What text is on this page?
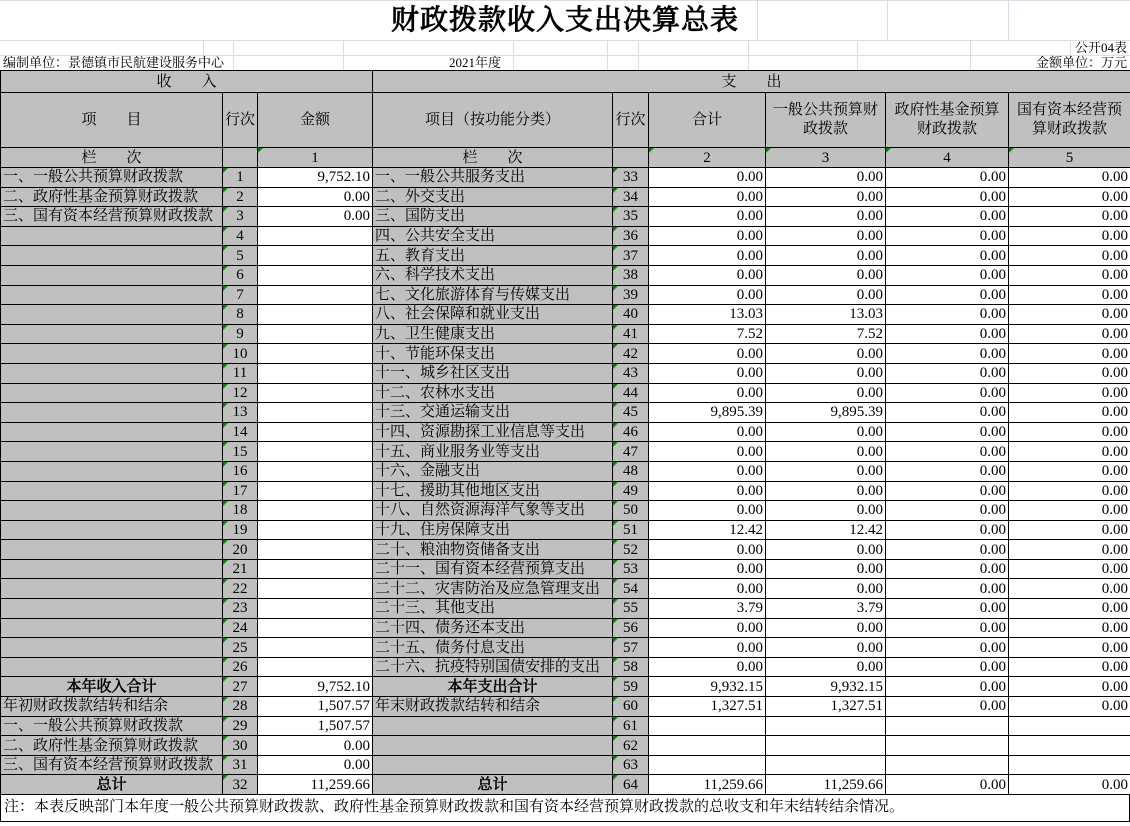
财政拨款收入支出决算总表
公开04表
编制单位：景德镇市民航建设服务中心	2021年度	金额单位：万元
收　　入			支　　出					
项　　目	行次	金额	项目（按功能分类）	行次	合计	一般公共预算财政拨款	政府性基金预算财政拨款	国有资本经营预算财政拨款
栏　　次		1	栏　　次		2	3	4	5
一、一般公共预算财政拨款	1	9,752.10	一、一般公共服务支出	33	0.00	0.00	0.00	0.00
二、政府性基金预算财政拨款	2	0.00	二、外交支出	34	0.00	0.00	0.00	0.00
三、国有资本经营预算财政拨款	3	0.00	三、国防支出	35	0.00	0.00	0.00	0.00
	4		四、公共安全支出	36	0.00	0.00	0.00	0.00
	5		五、教育支出	37	0.00	0.00	0.00	0.00
	6		六、科学技术支出	38	0.00	0.00	0.00	0.00
	7		七、文化旅游体育与传媒支出	39	0.00	0.00	0.00	0.00
	8		八、社会保障和就业支出	40	13.03	13.03	0.00	0.00
	9		九、卫生健康支出	41	7.52	7.52	0.00	0.00
	10		十、节能环保支出	42	0.00	0.00	0.00	0.00
	11		十一、城乡社区支出	43	0.00	0.00	0.00	0.00
	12		十二、农林水支出	44	0.00	0.00	0.00	0.00
	13		十三、交通运输支出	45	9,895.39	9,895.39	0.00	0.00
	14		十四、资源勘探工业信息等支出	46	0.00	0.00	0.00	0.00
	15		十五、商业服务业等支出	47	0.00	0.00	0.00	0.00
	16		十六、金融支出	48	0.00	0.00	0.00	0.00
	17		十七、援助其他地区支出	49	0.00	0.00	0.00	0.00
	18		十八、自然资源海洋气象等支出	50	0.00	0.00	0.00	0.00
	19		十九、住房保障支出	51	12.42	12.42	0.00	0.00
	20		二十、粮油物资储备支出	52	0.00	0.00	0.00	0.00
	21		二十一、国有资本经营预算支出	53	0.00	0.00	0.00	0.00
	22		二十二、灾害防治及应急管理支出	54	0.00	0.00	0.00	0.00
	23		二十三、其他支出	55	3.79	3.79	0.00	0.00
	24		二十四、债务还本支出	56	0.00	0.00	0.00	0.00
	25		二十五、债务付息支出	57	0.00	0.00	0.00	0.00
	26		二十六、抗疫特别国债安排的支出	58	0.00	0.00	0.00	0.00
本年收入合计	27	9,752.10	本年支出合计	59	9,932.15	9,932.15	0.00	0.00
年初财政拨款结转和结余	28	1,507.57	年末财政拨款结转和结余	60	1,327.51	1,327.51	0.00	0.00
一、一般公共预算财政拨款	29	1,507.57		61				
二、政府性基金预算财政拨款	30	0.00		62				
三、国有资本经营预算财政拨款	31	0.00		63				
总计	32	11,259.66	总计	64	11,259.66	11,259.66	0.00	0.00
注：本表反映部门本年度一般公共预算财政拨款、政府性基金预算财政拨款和国有资本经营预算财政拨款的总收支和年末结转结余情况。
